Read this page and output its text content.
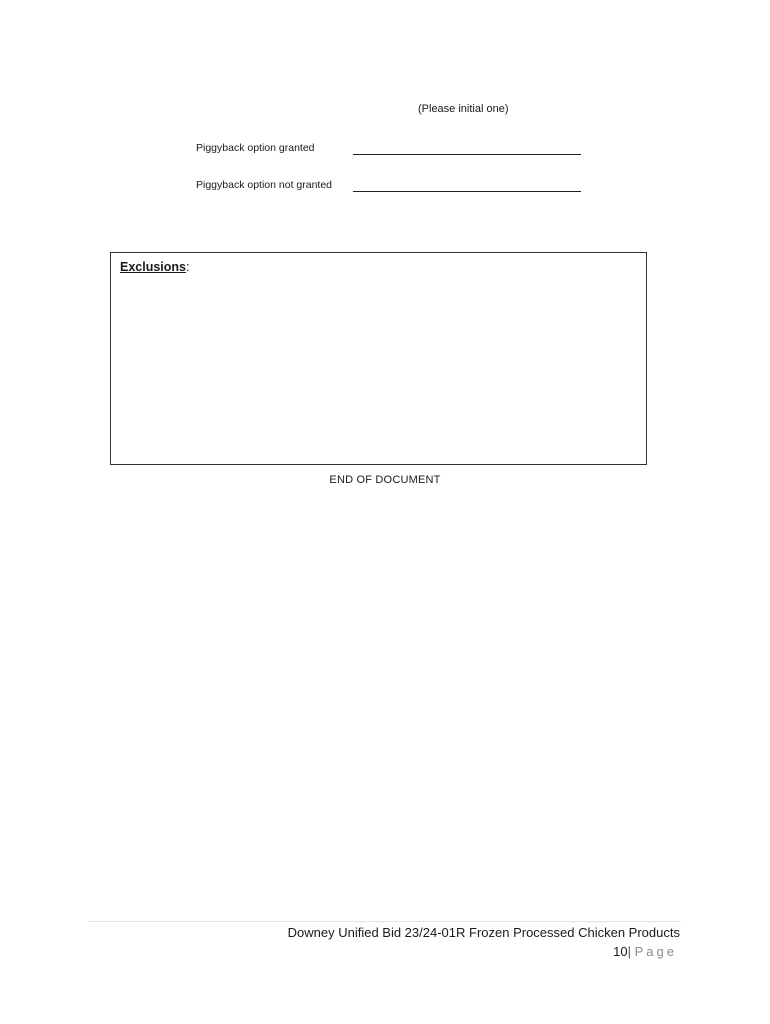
(Please initial one)
Piggyback option granted
Piggyback option not granted
Exclusions:
END OF DOCUMENT
Downey Unified Bid 23/24-01R Frozen Processed Chicken Products
10| Page
